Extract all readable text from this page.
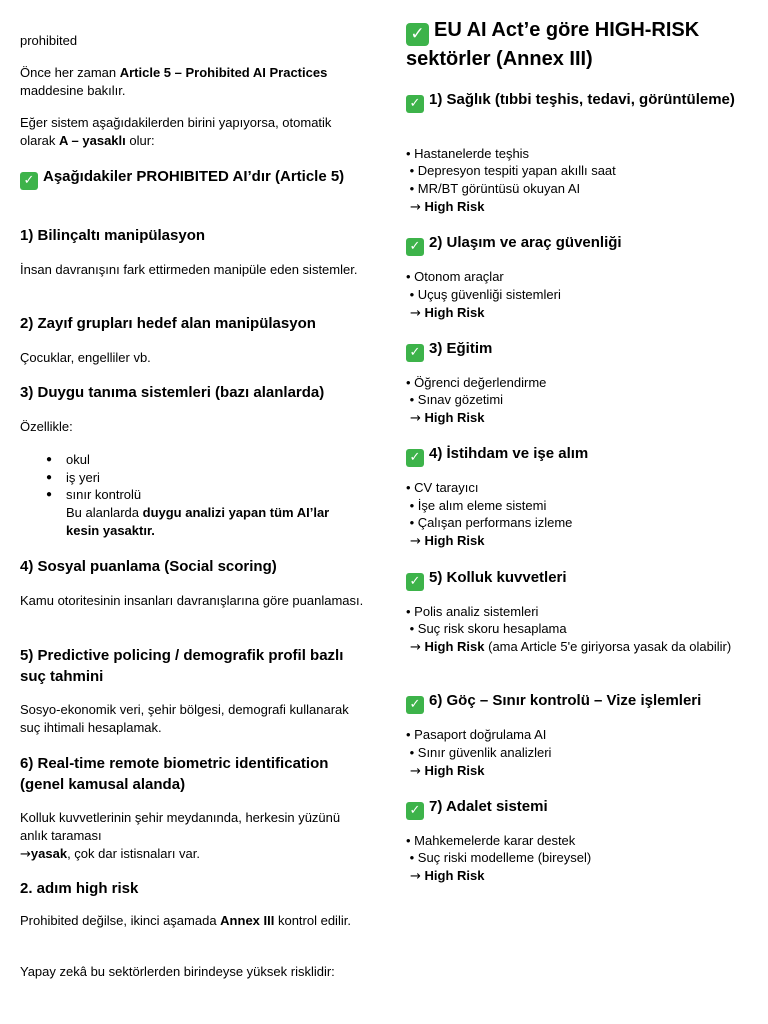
prohibited

Önce her zaman Article 5 – Prohibited AI Practices maddesine bakılır.

Eğer sistem aşağıdakilerden birini yapıyorsa, otomatik olarak A – yasaklı olur:

✓ Aşağıdakiler PROHIBITED AI’dır (Article 5)

1) Bilinçaltı manipülasyon

İnsan davranışını fark ettirmeden manipüle eden sistemler.

2) Zayıf grupları hedef alan manipülasyon

Çocuklar, engelliler vb.

3) Duygu tanıma sistemleri (bazı alanlarda)

Özellikle:

● okul

● iş yeri

● sınır kontrolü

Bu alanlarda duygu analizi yapan tüm AI’lar kesin yasaktır.

4) Sosyal puanlama (Social scoring)

Kamu otoritesinin insanları davranışlarına göre puanlaması.

5) Predictive policing / demografik profil bazlı suç tahmini

Sosyo-ekonomik veri, şehir bölgesi, demografi kullanarak suç ihtimali hesaplamak.

6) Real-time remote biometric identification (genel kamusal alanda)

Kolluk kuvvetlerinin şehir meydanında, herkesin yüzünü anlık taraması

→yasak, çok dar istisnaları var.

2. adım high risk

Prohibited değilse, ikinci aşamada Annex III kontrol edilir.

Yapay zekâ bu sektörlerden birindeyse yüksek risklidir:

✓ EU AI Act’e göre HIGH-RISK sektörler (Annex III)

✓ 1) Sağlık (tıbbi teşhis, tedavi, görüntüleme)

• Hastanelerde teşhis

• Depresyon tespiti yapan akıllı saat

• MR/BT görüntüsü okuyan AI

→ High Risk

✓ 2) Ulaşım ve araç güvenliği

• Otonom araçlar

• Uçuş güvenliği sistemleri

→ High Risk

✓ 3) Eğitim

• Öğrenci değerlendirme

• Sınav gözetimi

→ High Risk

✓ 4) İstihdam ve işe alım

• CV tarayıcı

• İşe alım eleme sistemi

• Çalışan performans izleme

→ High Risk

✓ 5) Kolluk kuvvetleri

• Polis analiz sistemleri

• Suç risk skoru hesaplama

→ High Risk (ama Article 5'e giriyorsa yasak da olabilir)

✓ 6) Göç – Sınır kontrolü – Vize işlemleri

• Pasaport doğrulama AI

• Sınır güvenlik analizleri

→ High Risk

✓ 7) Adalet sistemi

• Mahkemelerde karar destek

• Suç riski modelleme (bireysel)

→ High Risk
